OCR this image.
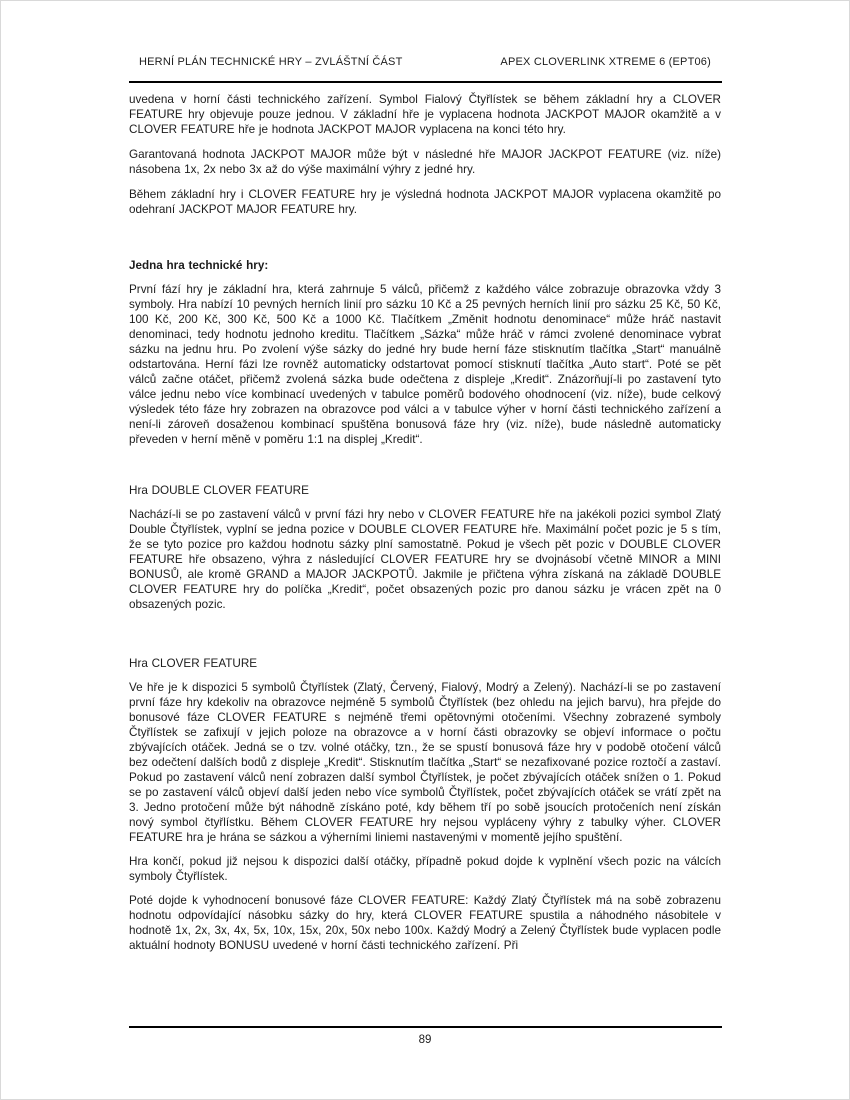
HERNÍ PLÁN TECHNICKÉ HRY – ZVLÁŠTNÍ ČÁST	APEX CLOVERLINK XTREME 6 (EPT06)

uvedena v horní části technického zařízení. Symbol Fialový Čtyřlístek se během základní hry a CLOVER FEATURE hry objevuje pouze jednou. V základní hře je vyplacena hodnota JACKPOT MAJOR okamžitě a v CLOVER FEATURE hře je hodnota JACKPOT MAJOR vyplacena na konci této hry.

Garantovaná hodnota JACKPOT MAJOR může být v následné hře MAJOR JACKPOT FEATURE (viz. níže) násobena 1x, 2x nebo 3x až do výše maximální výhry z jedné hry.

Během základní hry i CLOVER FEATURE hry je výsledná hodnota JACKPOT MAJOR vyplacena okamžitě po odehraní JACKPOT MAJOR FEATURE hry.

Jedna hra technické hry:

První fází hry je základní hra, která zahrnuje 5 válců, přičemž z každého válce zobrazuje obrazovka vždy 3 symboly. Hra nabízí 10 pevných herních linií pro sázku 10 Kč a 25 pevných herních linií pro sázku 25 Kč, 50 Kč, 100 Kč, 200 Kč, 300 Kč, 500 Kč a 1000 Kč. Tlačítkem „Změnit hodnotu denominace“ může hráč nastavit denominaci, tedy hodnotu jednoho kreditu. Tlačítkem „Sázka“ může hráč v rámci zvolené denominace vybrat sázku na jednu hru. Po zvolení výše sázky do jedné hry bude herní fáze stisknutím tlačítka „Start“ manuálně odstartována. Herní fázi lze rovněž automaticky odstartovat pomocí stisknutí tlačítka „Auto start“. Poté se pět válců začne otáčet, přičemž zvolená sázka bude odečtena z displeje „Kredit“. Znázorňují-li po zastavení tyto válce jednu nebo více kombinací uvedených v tabulce poměrů bodového ohodnocení (viz. níže), bude celkový výsledek této fáze hry zobrazen na obrazovce pod válci a v tabulce výher v horní části technického zařízení a není-li zároveň dosaženou kombinací spuštěna bonusová fáze hry (viz. níže), bude následně automaticky převeden v herní měně v poměru 1:1 na displej „Kredit“.

Hra DOUBLE CLOVER FEATURE

Nachází-li se po zastavení válců v první fázi hry nebo v CLOVER FEATURE hře na jakékoli pozici symbol Zlatý Double Čtyřlístek, vyplní se jedna pozice v DOUBLE CLOVER FEATURE hře. Maximální počet pozic je 5 s tím, že se tyto pozice pro každou hodnotu sázky plní samostatně. Pokud je všech pět pozic v DOUBLE CLOVER FEATURE hře obsazeno, výhra z následující CLOVER FEATURE hry se dvojnásobí včetně MINOR a MINI BONUSŮ, ale kromě GRAND a MAJOR JACKPOTŮ. Jakmile je přičtena výhra získaná na základě DOUBLE CLOVER FEATURE hry do políčka „Kredit“, počet obsazených pozic pro danou sázku je vrácen zpět na 0 obsazených pozic.

Hra CLOVER FEATURE

Ve hře je k dispozici 5 symbolů Čtyřlístek (Zlatý, Červený, Fialový, Modrý a Zelený). Nachází-li se po zastavení první fáze hry kdekoliv na obrazovce nejméně 5 symbolů Čtyřlístek (bez ohledu na jejich barvu), hra přejde do bonusové fáze CLOVER FEATURE s nejméně třemi opětovnými otočeními. Všechny zobrazené symboly Čtyřlístek se zafixují v jejich poloze na obrazovce a v horní části obrazovky se objeví informace o počtu zbývajících otáček. Jedná se o tzv. volné otáčky, tzn., že se spustí bonusová fáze hry v podobě otočení válců bez odečtení dalších bodů z displeje „Kredit“. Stisknutím tlačítka „Start“ se nezafixované pozice roztočí a zastaví. Pokud po zastavení válců není zobrazen další symbol Čtyřlístek, je počet zbývajících otáček snížen o 1. Pokud se po zastavení válců objeví další jeden nebo více symbolů Čtyřlístek, počet zbývajících otáček se vrátí zpět na 3. Jedno protočení může být náhodně získáno poté, kdy během tří po sobě jsoucích protočeních není získán nový symbol čtyřlístku. Během CLOVER FEATURE hry nejsou vypláceny výhry z tabulky výher. CLOVER FEATURE hra je hrána se sázkou a výherními liniemi nastavenými v momentě jejího spuštění.

Hra končí, pokud již nejsou k dispozici další otáčky, případně pokud dojde k vyplnění všech pozic na válcích symboly Čtyřlístek.

Poté dojde k vyhodnocení bonusové fáze CLOVER FEATURE: Každý Zlatý Čtyřlístek má na sobě zobrazenu hodnotu odpovídající násobku sázky do hry, která CLOVER FEATURE spustila a náhodného násobitele v hodnotě 1x, 2x, 3x, 4x, 5x, 10x, 15x, 20x, 50x nebo 100x. Každý Modrý a Zelený Čtyřlístek bude vyplacen podle aktuální hodnoty BONUSU uvedené v horní části technického zařízení. Při

89
